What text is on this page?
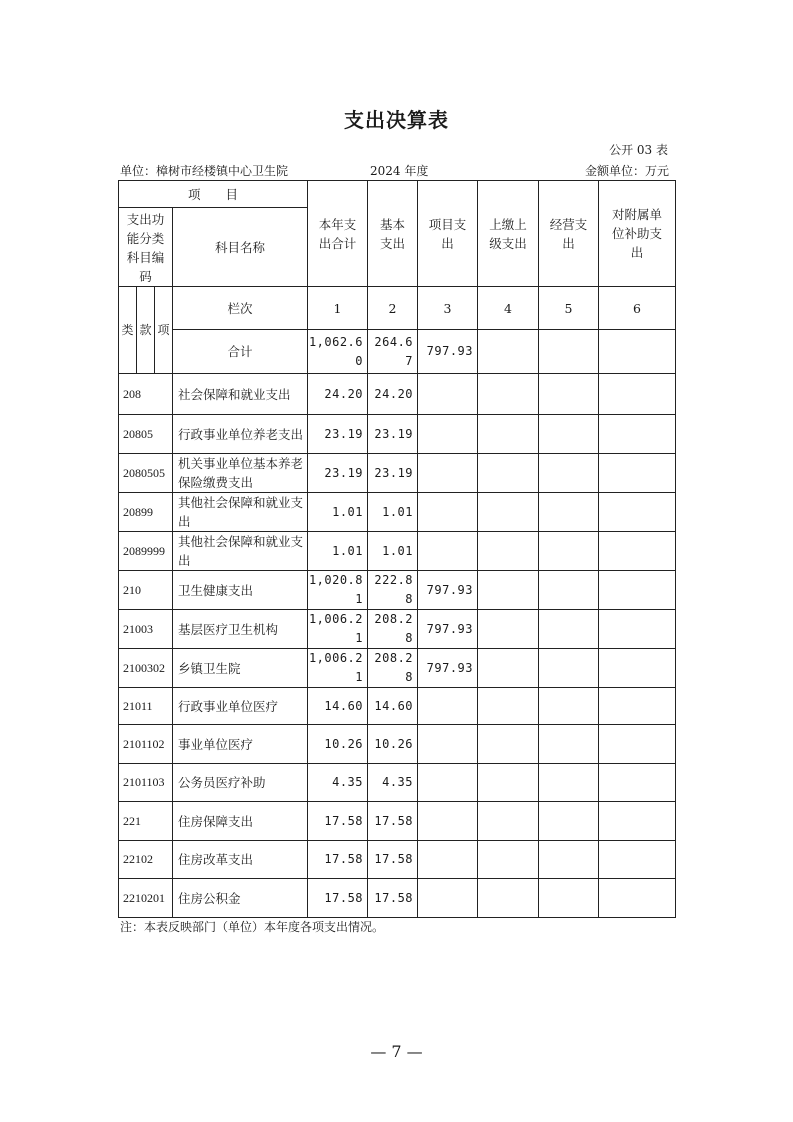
支出决算表
公开 03 表
单位：樟树市经楼镇中心卫生院	2024 年度	金额单位：万元
项　　目		本年支出合计	基本支出	项目支出	上缴上级支出	经营支出	对附属单位补助支出
支出功能分类科目编码	科目名称						

类 款 项	栏次	1	2	3	4	5	6
	合计	1,062.60	264.67	797.93			
208	社会保障和就业支出	24.20	24.20				
20805	行政事业单位养老支出	23.19	23.19				
2080505	机关事业单位基本养老保险缴费支出	23.19	23.19				
20899	其他社会保障和就业支出	1.01	1.01				
2089999	其他社会保障和就业支出	1.01	1.01				
210	卫生健康支出	1,020.81	222.88	797.93			
21003	基层医疗卫生机构	1,006.21	208.28	797.93			
2100302	乡镇卫生院	1,006.21	208.28	797.93			
21011	行政事业单位医疗	14.60	14.60				
2101102	事业单位医疗	10.26	10.26				
2101103	公务员医疗补助	4.35	4.35				
221	住房保障支出	17.58	17.58				
22102	住房改革支出	17.58	17.58				
2210201	住房公积金	17.58	17.58				
注：本表反映部门（单位）本年度各项支出情况。
— 7 —
